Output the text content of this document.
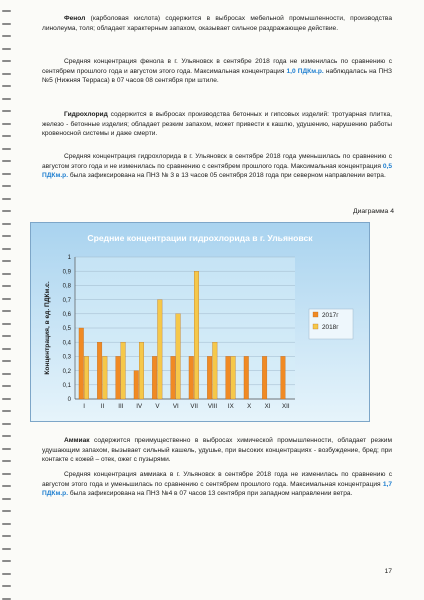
Фенол (карболовая кислота) содержится в выбросах мебельной промышленности, производства линолеума, толя; обладает характерным запахом, оказывает сильное раздражающее действие.

Средняя концентрация фенола в г. Ульяновск в сентябре 2018 года не изменилась по сравнению с сентябрем прошлого года и августом этого года. Максимальная концентрация 1,0 ПДКм.р. наблюдалась на ПНЗ №5 (Нижняя Терраса) в 07 часов 08 сентября при штиле.

Гидрохлорид содержится в выбросах производства бетонных и гипсовых изделий: тротуарная плитка, железо - бетонные изделия; обладает резким запахом, может привести к кашлю, удушению, нарушению работы кровеносной системы и даже смерти.

Средняя концентрация гидрохлорида в г. Ульяновск в сентябре 2018 года уменьшилась по сравнению с августом этого года и не изменилась по сравнению с сентябрем прошлого года. Максимальная концентрация 0,5 ПДКм.р. была зафиксирована на ПНЗ № 3 в 13 часов 05 сентября 2018 года при северном направлении ветра.

Диаграмма 4
Средние концентрации гидрохлорида в г. Ульяновск
0
0,1
0,2
0,3
0,4
0,5
0,6
0,7
0,8
0,9
1
Концентрация, в ед. ПДКм.с.
I	II III IV V VI VII VIII IX X XI XII
2017г
2018г

Аммиак содержится преимущественно в выбросах химической промышленности, обладает резким удушающим запахом, вызывает сильный кашель, удушье, при высоких концентрациях - возбуждение, бред; при контакте с кожей – отек, ожег с пузырями.

Средняя концентрация аммиака в г. Ульяновск в сентябре 2018 года не изменилась по сравнению с августом этого года и уменьшилась по сравнению с сентябрем прошлого года. Максимальная концентрация 1,7 ПДКм.р. была зафиксирована на ПНЗ №4 в 07 часов 13 сентября при западном направлении ветра.

17
